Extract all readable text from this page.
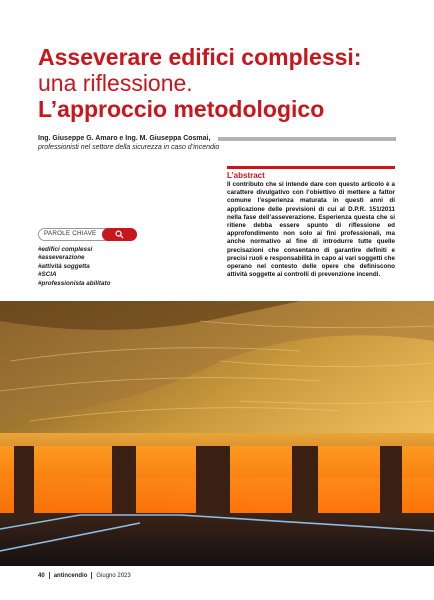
Asseverare edifici complessi:
una riflessione.
L’approccio metodologico
Ing. Giuseppe G. Amaro e Ing. M. Giuseppa Cosmai,
professionisti nel settore della sicurezza in caso d’incendio
L’abstract
Il contributo che si intende dare con questo articolo è a carattere divulgativo con l’obiettivo di mettere a fattor comune l’esperienza maturata in questi anni di applicazione delle previsioni di cui al D.P.R. 151/2011 nella fase dell’asseverazione. Esperienza questa che si ritiene debba essere spunto di riflessione ed approfondimento non solo ai fini professionali, ma anche normativo al fine di introdurre tutte quelle precisazioni che consentano di garantire definiti e precisi ruoli e responsabilità in capo ai vari soggetti che operano nel contesto delle opere che definiscono attività soggette ai controlli di prevenzione incendi.
PAROLE CHIAVE
#edifici complessi
#asseverazione
#attività soggetta
#SCIA
#professionista abilitato
40 antincendio Giugno 2023
